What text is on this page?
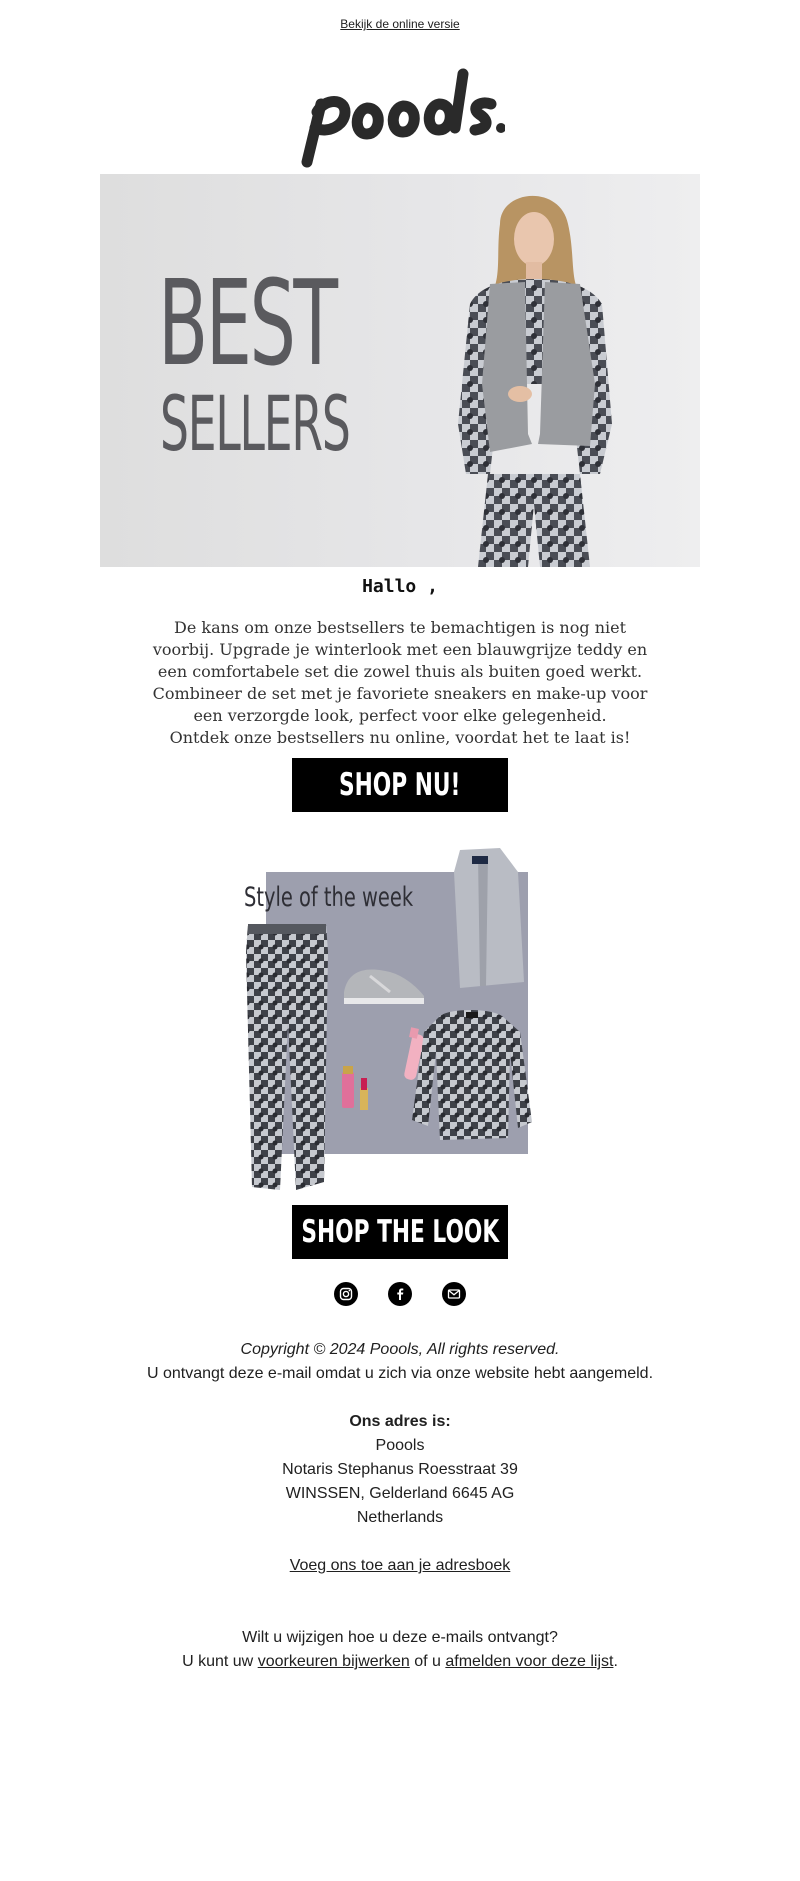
Bekijk de online versie
BEST
SELLERS
Hallo ,

De kans om onze bestsellers te bemachtigen is nog niet

voorbij. Upgrade je winterlook met een blauwgrijze teddy en

een comfortabele set die zowel thuis als buiten goed werkt.

Combineer de set met je favoriete sneakers en make-up voor

een verzorgde look, perfect voor elke gelegenheid.

Ontdek onze bestsellers nu online, voordat het te laat is!

SHOP NU!
Style of the week
SHOP THE LOOK
Copyright © 2024 Poools, All rights reserved.
U ontvangt deze e-mail omdat u zich via onze website hebt aangemeld.
Ons adres is:
Poools
Notaris Stephanus Roesstraat 39
WINSSEN, Gelderland 6645 AG
Netherlands
Voeg ons toe aan je adresboek
Wilt u wijzigen hoe u deze e-mails ontvangt?
U kunt uw voorkeuren bijwerken of u afmelden voor deze lijst.
